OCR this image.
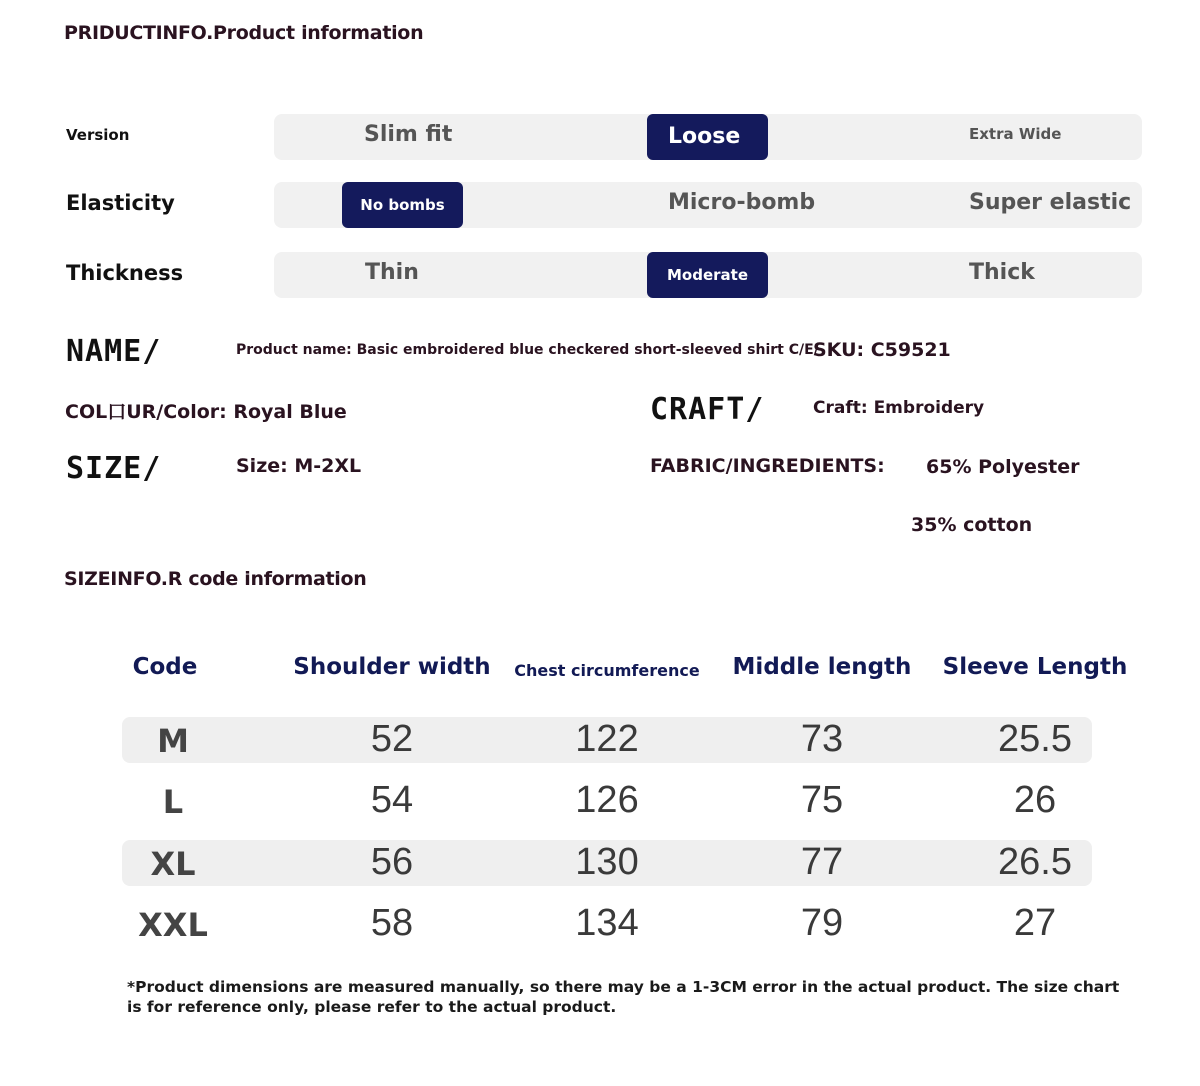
PRIDUCTINFO.Product information
Version	Slim fit	Loose	Extra Wide
Elasticity	No bombs	Micro-bomb	Super elastic
Thickness	Thin	Moderate	Thick
NAME/	Product name: Basic embroidered blue checkered short-sleeved shirt C/E/
SKU: C59521
COL口UR/Color: Royal Blue	CRAFT/	Craft: Embroidery
SIZE/	Size: M-2XL	FABRIC/INGREDIENTS: 65% Polyester
35% cotton
SIZEINFO.R code information
Code	Shoulder width	Chest circumference	Middle length	Sleeve Length
M	52	122	73	25.5
L	54	126	75	26
XL	56	130	77	26.5
XXL	58	134	79	27
*Product dimensions are measured manually, so there may be a 1-3CM error in the actual product. The size chart is for reference only, please refer to the actual product.
